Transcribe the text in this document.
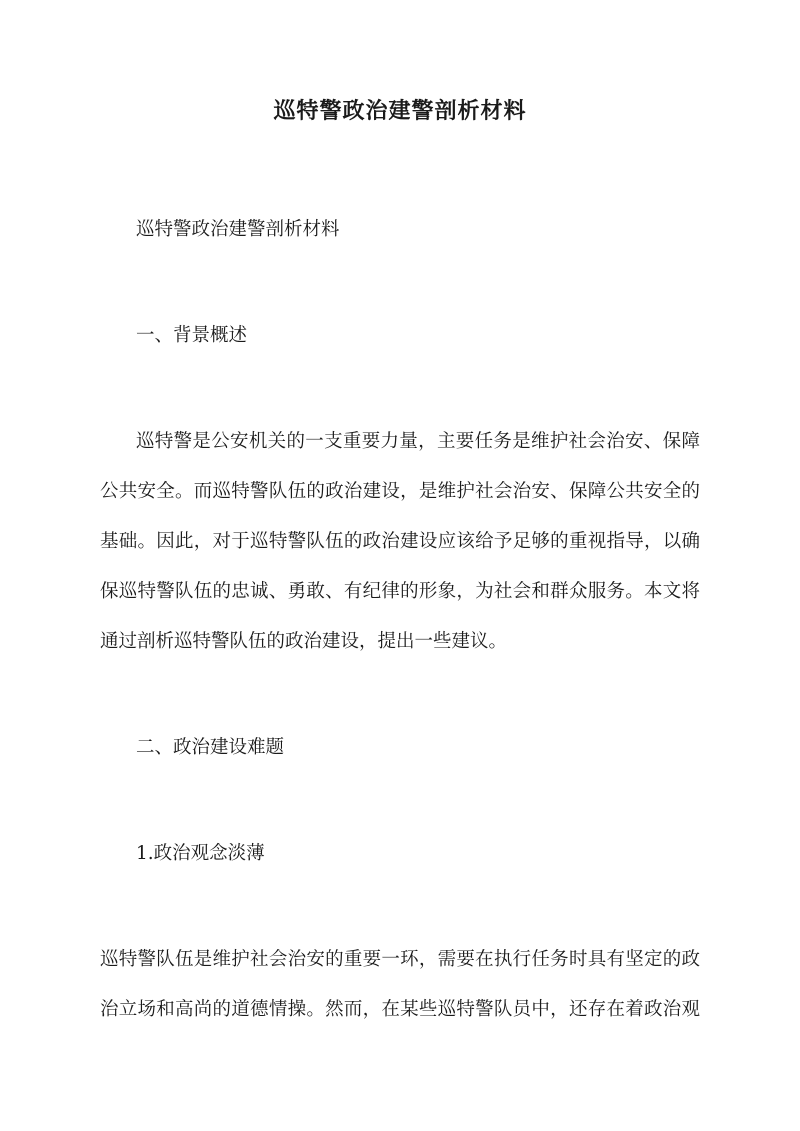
巡特警政治建警剖析材料
巡特警政治建警剖析材料
一、背景概述
巡特警是公安机关的一支重要力量，主要任务是维护社会治安、保障
公共安全。而巡特警队伍的政治建设，是维护社会治安、保障公共安全的
基础。因此，对于巡特警队伍的政治建设应该给予足够的重视指导，以确
保巡特警队伍的忠诚、勇敢、有纪律的形象，为社会和群众服务。本文将
通过剖析巡特警队伍的政治建设，提出一些建议。
二、政治建设难题
1.政治观念淡薄
巡特警队伍是维护社会治安的重要一环，需要在执行任务时具有坚定的政
治立场和高尚的道德情操。然而，在某些巡特警队员中，还存在着政治观
